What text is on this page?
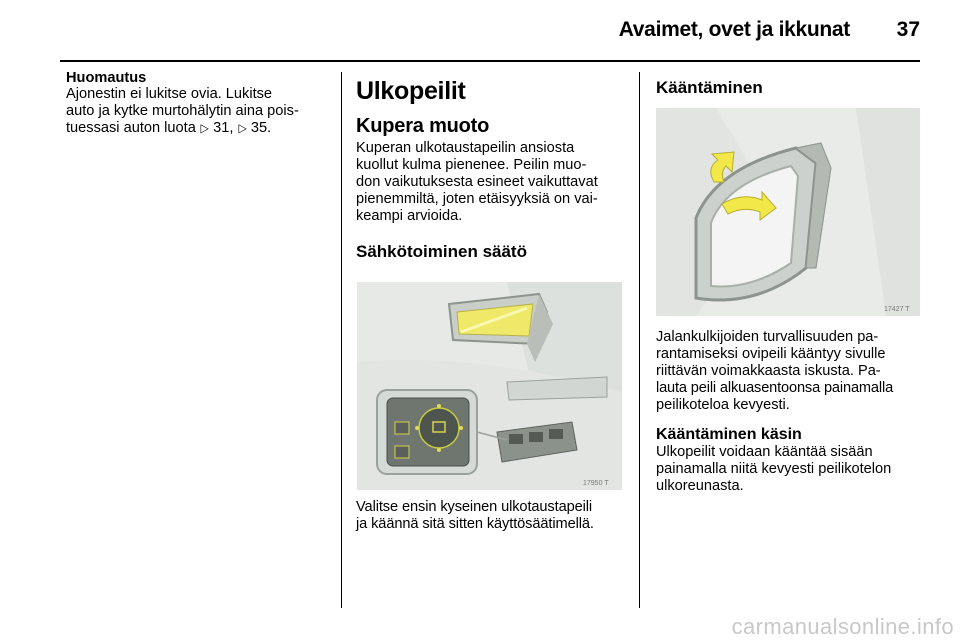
Avaimet, ovet ja ikkunat	37

Huomautus

Ajonestin ei lukitse ovia. Lukitse

auto ja kytke murtohälytin aina pois-

tuessasi auton luota ▷ 31, ▷ 35.

Ulkopeilit

Kupera muoto

Kuperan ulkotaustapeilin ansiosta

kuollut kulma pienenee. Peilin muo-

don vaikutuksesta esineet vaikuttavat

pienemmiltä, joten etäisyyksiä on vai-

keampi arvioida.

Sähkötoiminen säätö

17950 T

Valitse ensin kyseinen ulkotaustapeili

ja käännä sitä sitten käyttösäätimellä.

Kääntäminen

17427 T

Jalankulkijoiden turvallisuuden pa-

rantamiseksi ovipeili kääntyy sivulle

riittävän voimakkaasta iskusta. Pa-

lauta peili alkuasentoonsa painamalla

peilikoteloa kevyesti.

Kääntäminen käsin

Ulkopeilit voidaan kääntää sisään

painamalla niitä kevyesti peilikotelon

ulkoreunasta.

carmanualsonline.info
